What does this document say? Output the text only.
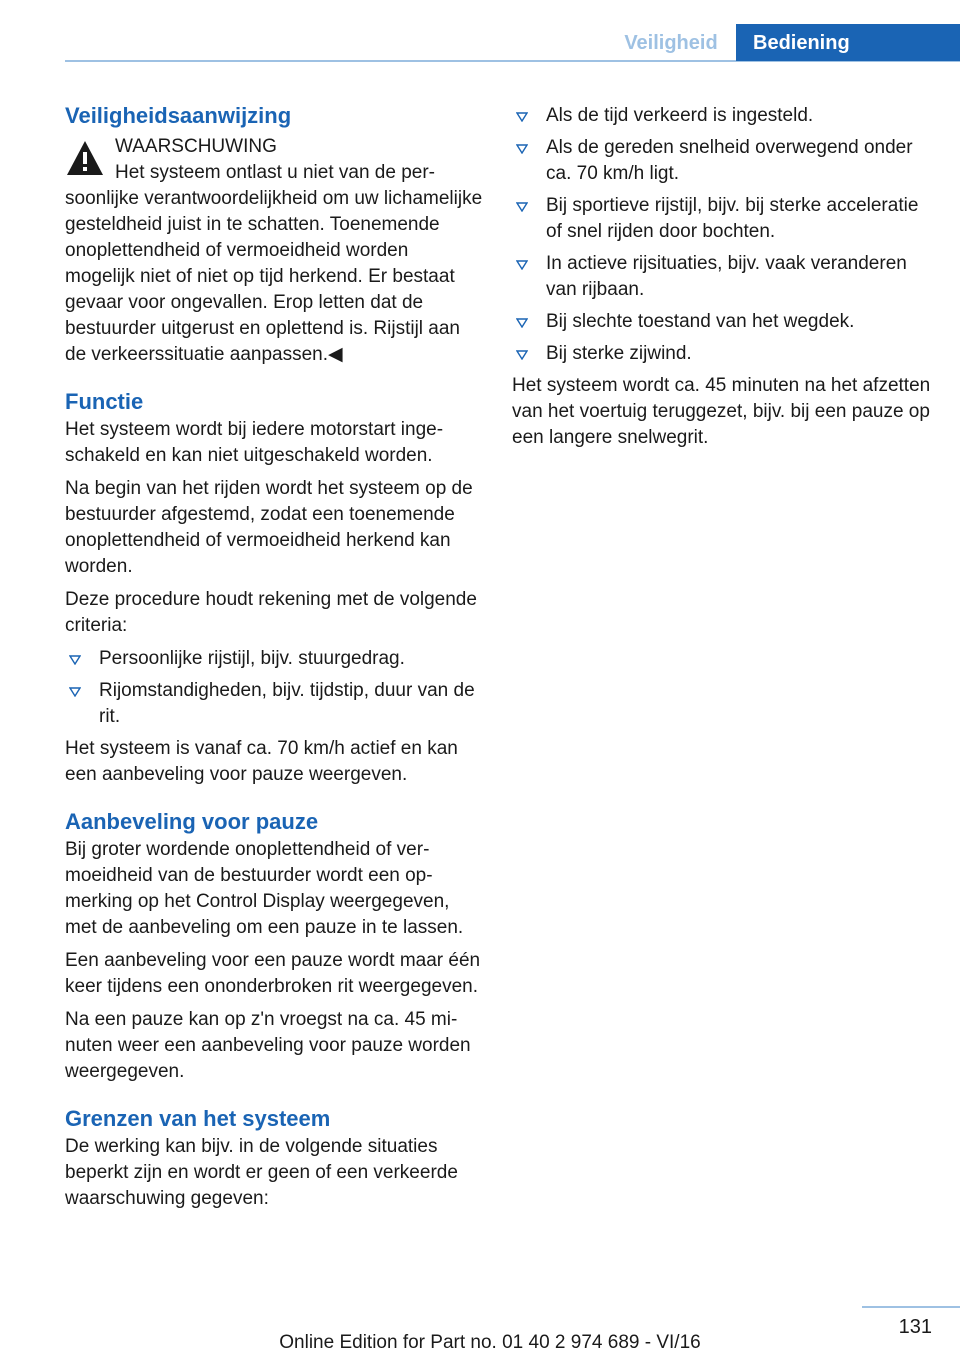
Veiligheid	Bediening
Veiligheidsaanwijzing
WAARSCHUWING

Het systeem ontlast u niet van de persoonlijke verantwoordelijkheid om uw lichamelijke gesteldheid juist in te schatten. Toenemende onoplettendheid of vermoeidheid worden mogelijk niet of niet op tijd herkend. Er bestaat gevaar voor ongevallen. Erop letten dat de bestuurder uitgerust en oplettend is. Rijstijl aan de verkeerssituatie aanpassen.◀

Functie

Het systeem wordt bij iedere motorstart ingeschakeld en kan niet uitgeschakeld worden.

Na begin van het rijden wordt het systeem op de bestuurder afgestemd, zodat een toenemende onoplettendheid of vermoeidheid herkend kan worden.

Deze procedure houdt rekening met de volgende criteria:

Persoonlijke rijstijl, bijv. stuurgedrag.
Rijomstandigheden, bijv. tijdstip, duur van de rit.

Het systeem is vanaf ca. 70 km/h actief en kan een aanbeveling voor pauze weergeven.

Aanbeveling voor pauze

Bij groter wordende onoplettendheid of vermoeidheid van de bestuurder wordt een opmerking op het Control Display weergegeven, met de aanbeveling om een pauze in te lassen.

Een aanbeveling voor een pauze wordt maar één keer tijdens een ononderbroken rit weergegeven.

Na een pauze kan op z'n vroegst na ca. 45 minuten weer een aanbeveling voor pauze worden weergegeven.

Grenzen van het systeem

De werking kan bijv. in de volgende situaties beperkt zijn en wordt er geen of een verkeerde waarschuwing gegeven:

Als de tijd verkeerd is ingesteld.
Als de gereden snelheid overwegend onder ca. 70 km/h ligt.
Bij sportieve rijstijl, bijv. bij sterke acceleratie of snel rijden door bochten.
In actieve rijsituaties, bijv. vaak veranderen van rijbaan.
Bij slechte toestand van het wegdek.
Bij sterke zijwind.

Het systeem wordt ca. 45 minuten na het afzetten van het voertuig teruggezet, bijv. bij een pauze op een langere snelwegrit.

131
Online Edition for Part no. 01 40 2 974 689 - VI/16
